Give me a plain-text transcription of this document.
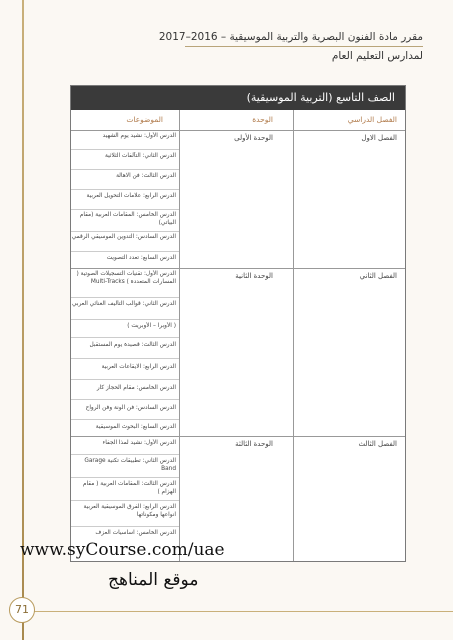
مقرر مادة الفنون البصرية والتربية الموسيقية – 2016–2017
لمدارس التعليم العام
الصف التاسع (التربية الموسيقية)
الفصل الدراسي
الوحدة
الموضوعات
الفصل الاول
الوحدة الأولى
الدرس الأول: نشيد يوم الشهيد
الدرس الثاني: التآلفات الثلاثية
الدرس الثالث: فن الاهالة
الدرس الرابع: علامات التحويل العربية
الدرس الخامس: المقامات العربية (مقام البياتي)
الدرس السادس: التدوين الموسيقي الرقمي
الدرس السابع: تعدد التصويت
الفصل الثاني
الوحدة الثانية
الدرس الأول: تقنيات التسجيلات الصوتية ( المسارات المتعددة ) Multi-Tracks
الدرس الثاني: قوالب التأليف الغنائي العربي
( الأوبرا – الأوبريت )
الدرس الثالث: قصيدة يوم المستقبل
الدرس الرابع: الايقاعات العربية
الدرس الخامس: مقام الحجاز كار
الدرس السادس: فن الونة وفن الرواح
الدرس السابع: البحوث الموسيقية
الفصل الثالث
الوحدة الثالثة
الدرس الأول: نشيد لمذا الجفاء
الدرس الثاني: تطبيقات تكنية Garage Band
الدرس الثالث: المقامات العربية ( مقام الهزام )
الدرس الرابع: الفرق الموسيقية العربية انواعها ومكوناتها
الدرس الخامس: اساسيات العزف
www.syCourse.com/uae
موقع المناهج
71
